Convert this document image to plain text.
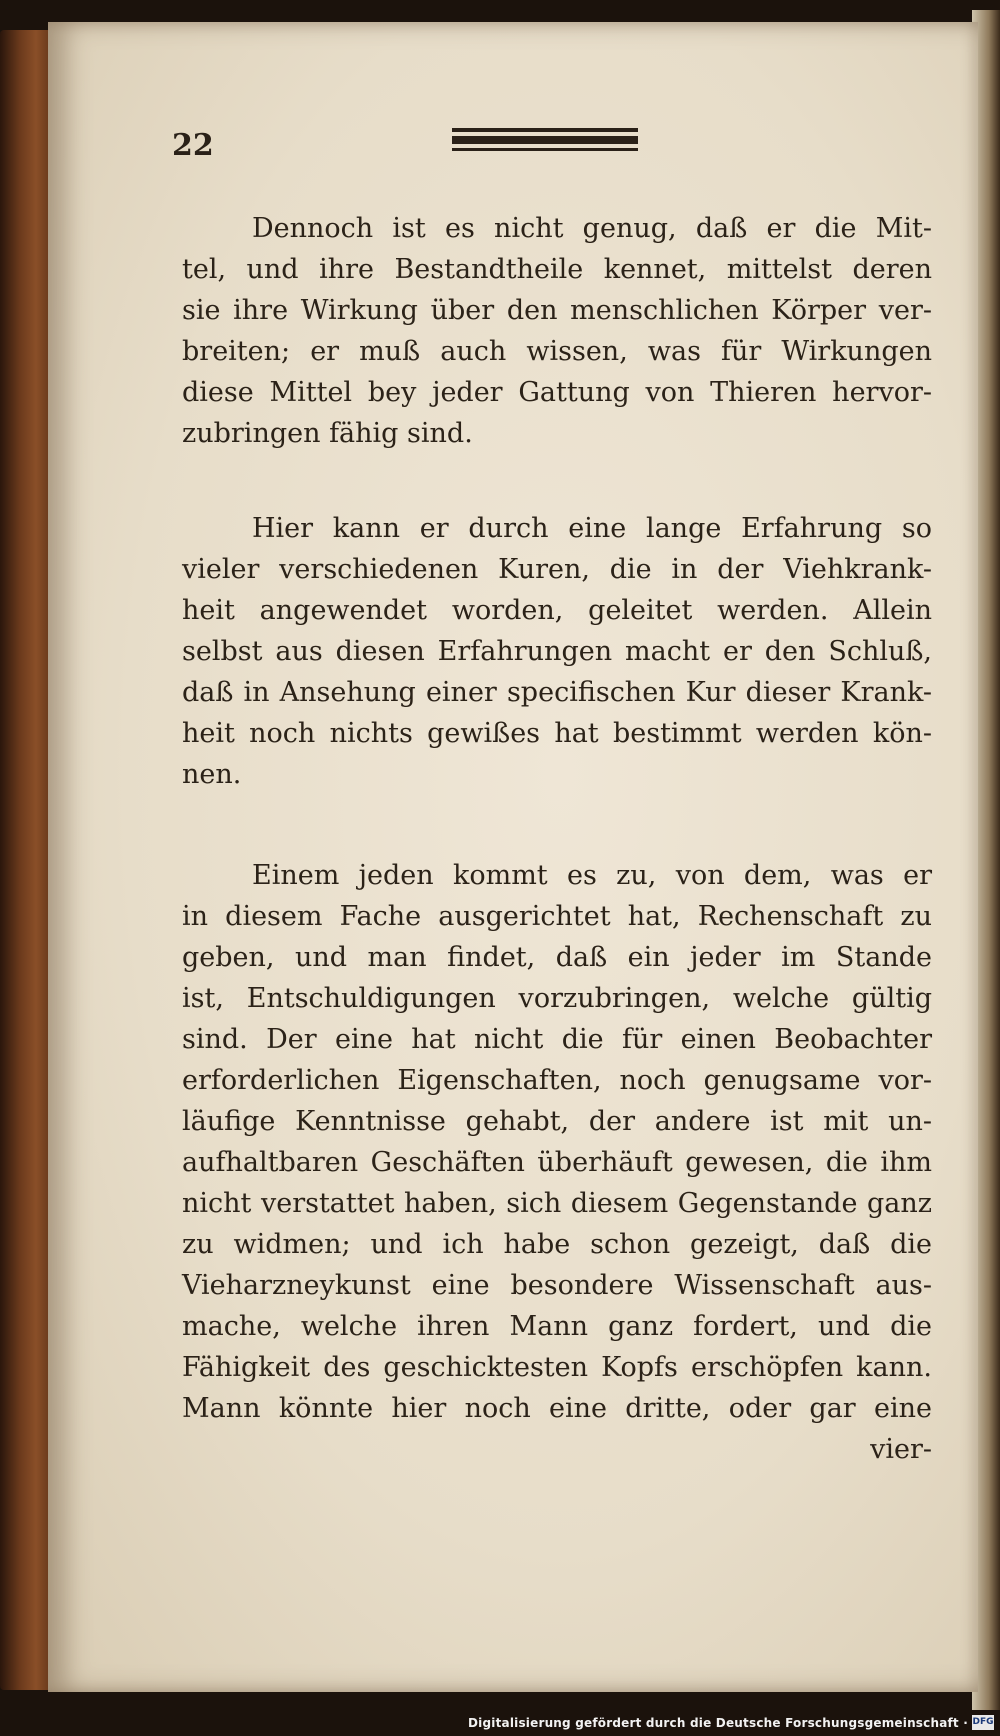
22
Dennoch ist es nicht genug, daß er die Mit-
tel, und ihre Bestandtheile kennet, mittelst deren
sie ihre Wirkung über den menschlichen Körper ver-
breiten; er muß auch wissen, was für Wirkungen
diese Mittel bey jeder Gattung von Thieren hervor-
zubringen fähig sind.
Hier kann er durch eine lange Erfahrung so
vieler verschiedenen Kuren, die in der Viehkrank-
heit angewendet worden, geleitet werden. Allein
selbst aus diesen Erfahrungen macht er den Schluß,
daß in Ansehung einer specifischen Kur dieser Krank-
heit noch nichts gewißes hat bestimmt werden kön-
nen.
Einem jeden kommt es zu, von dem, was er
in diesem Fache ausgerichtet hat, Rechenschaft zu
geben, und man findet, daß ein jeder im Stande
ist, Entschuldigungen vorzubringen, welche gültig
sind. Der eine hat nicht die für einen Beobachter
erforderlichen Eigenschaften, noch genugsame vor-
läufige Kenntnisse gehabt, der andere ist mit un-
aufhaltbaren Geschäften überhäuft gewesen, die ihm
nicht verstattet haben, sich diesem Gegenstande ganz
zu widmen; und ich habe schon gezeigt, daß die
Vieharzneykunst eine besondere Wissenschaft aus-
mache, welche ihren Mann ganz fordert, und die
Fähigkeit des geschicktesten Kopfs erschöpfen kann.
Mann könnte hier noch eine dritte, oder gar eine
vier-
Digitalisierung gefördert durch die Deutsche Forschungsgemeinschaft · DFG
